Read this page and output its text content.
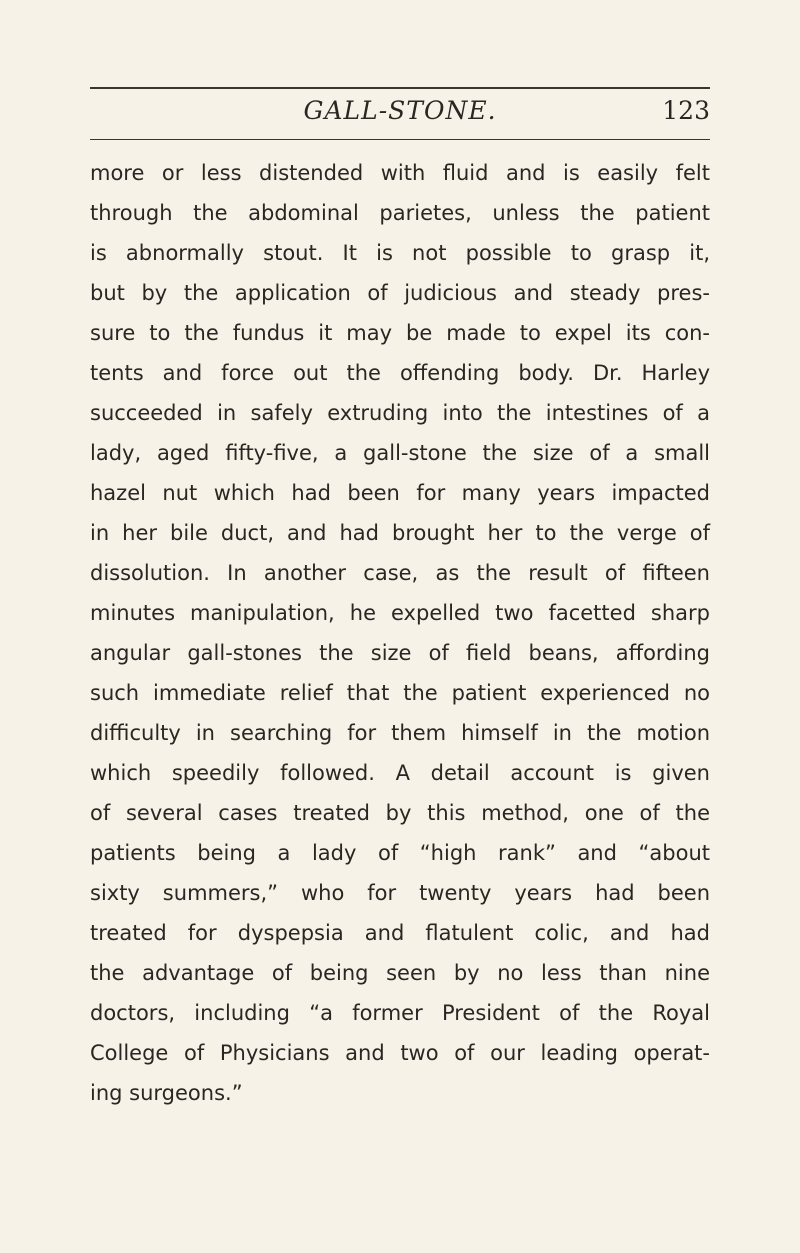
GALL-STONE.	123
more or less distended with fluid and is easily felt
through the abdominal parietes, unless the patient
is abnormally stout. It is not possible to grasp it,
but by the application of judicious and steady pres-
sure to the fundus it may be made to expel its con-
tents and force out the offending body. Dr. Harley
succeeded in safely extruding into the intestines of a
lady, aged fifty-five, a gall-stone the size of a small
hazel nut which had been for many years impacted
in her bile duct, and had brought her to the verge of
dissolution. In another case, as the result of fifteen
minutes manipulation, he expelled two facetted sharp
angular gall-stones the size of field beans, affording
such immediate relief that the patient experienced no
difficulty in searching for them himself in the motion
which speedily followed. A detail account is given
of several cases treated by this method, one of the
patients being a lady of “high rank” and “about
sixty summers,” who for twenty years had been
treated for dyspepsia and flatulent colic, and had
the advantage of being seen by no less than nine
doctors, including “a former President of the Royal
College of Physicians and two of our leading operat-
ing surgeons.”
